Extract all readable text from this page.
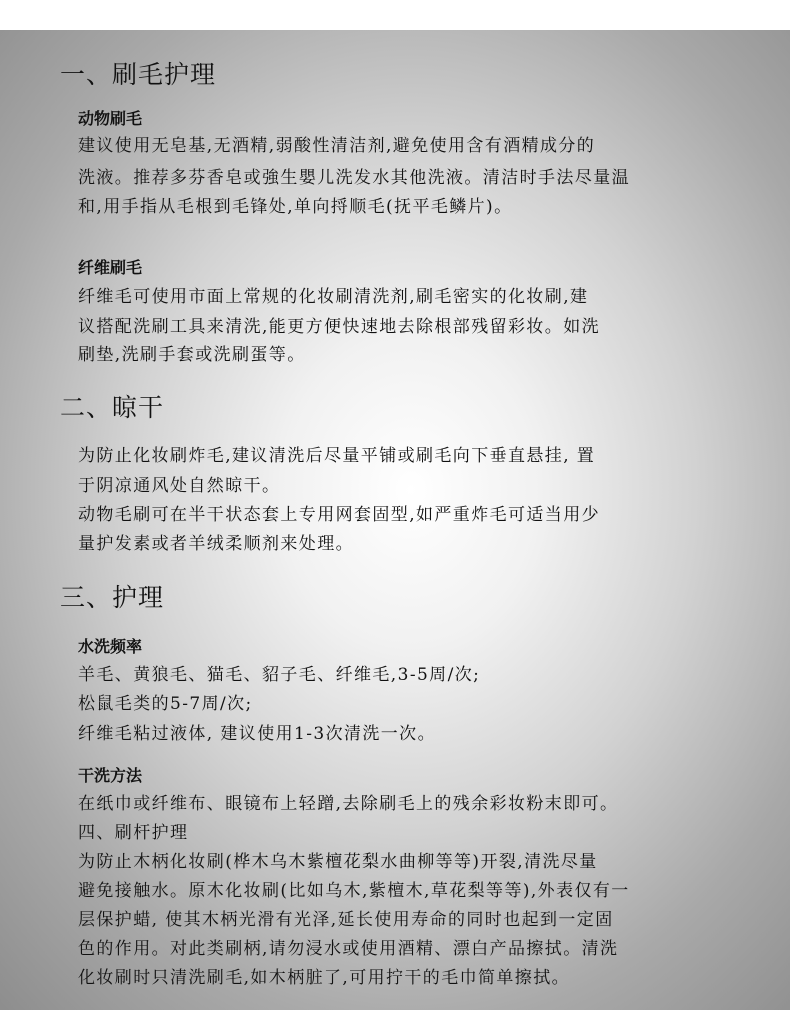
一、刷毛护理
动物刷毛
建议使用无皂基,无酒精,弱酸性清洁剂,避免使用含有酒精成分的
洗液。推荐多芬香皂或強生嬰儿洗发水其他洗液。清洁时手法尽量温
和,用手指从毛根到毛锋处,单向捋顺毛(抚平毛鳞片)。
纤维刷毛
纤维毛可使用市面上常规的化妆刷清洗剂,刷毛密实的化妆刷,建
议搭配洗刷工具来清洗,能更方便快速地去除根部残留彩妆。如洗
刷垫,洗刷手套或洗刷蛋等。
二、晾干
为防止化妆刷炸毛,建议清洗后尽量平铺或刷毛向下垂直悬挂, 置
于阴凉通风处自然晾干。
动物毛刷可在半干状态套上专用网套固型,如严重炸毛可适当用少
量护发素或者羊绒柔顺剂来处理。
三、护理
水洗频率
羊毛、黄狼毛、猫毛、貂子毛、纤维毛,3-5周/次;
松鼠毛类的5-7周/次;
纤维毛粘过液体, 建议使用1-3次清洗一次。
干洗方法
在纸巾或纤维布、眼镜布上轻蹭,去除刷毛上的残余彩妆粉末即可。
四、刷杆护理
为防止木柄化妆刷(桦木乌木紫檀花梨水曲柳等等)开裂,清洗尽量
避免接触水。原木化妆刷(比如乌木,紫檀木,草花梨等等),外表仅有一
层保护蜡, 使其木柄光滑有光泽,延长使用寿命的同时也起到一定固
色的作用。对此类刷柄,请勿浸水或使用酒精、漂白产品擦拭。清洗
化妆刷时只清洗刷毛,如木柄脏了,可用拧干的毛巾简单擦拭。
